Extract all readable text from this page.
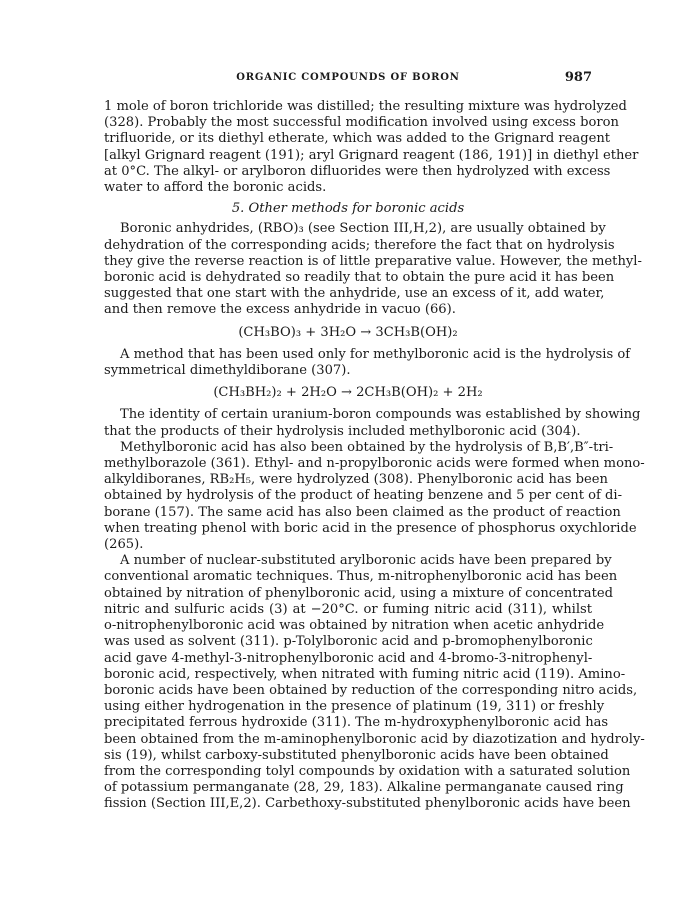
ORGANIC COMPOUNDS OF BORON	987

1 mole of boron trichloride was distilled; the resulting mixture was hydrolyzed
(328). Probably the most successful modification involved using excess boron
trifluoride, or its diethyl etherate, which was added to the Grignard reagent
[alkyl Grignard reagent (191); aryl Grignard reagent (186, 191)] in diethyl ether
at 0°C. The alkyl- or arylboron difluorides were then hydrolyzed with excess
water to afford the boronic acids.

5. Other methods for boronic acids

Boronic anhydrides, (RBO)₃ (see Section III,H,2), are usually obtained by
dehydration of the corresponding acids; therefore the fact that on hydrolysis
they give the reverse reaction is of little preparative value. However, the methyl-
boronic acid is dehydrated so readily that to obtain the pure acid it has been
suggested that one start with the anhydride, use an excess of it, add water,
and then remove the excess anhydride in vacuo (66).

(CH₃BO)₃ + 3H₂O → 3CH₃B(OH)₂

A method that has been used only for methylboronic acid is the hydrolysis of
symmetrical dimethyldiborane (307).

(CH₃BH₂)₂ + 2H₂O → 2CH₃B(OH)₂ + 2H₂

The identity of certain uranium-boron compounds was established by showing
that the products of their hydrolysis included methylboronic acid (304).

Methylboronic acid has also been obtained by the hydrolysis of B,B′,B″-tri-
methylborazole (361). Ethyl- and n-propylboronic acids were formed when mono-
alkyldiboranes, RB₂H₅, were hydrolyzed (308). Phenylboronic acid has been
obtained by hydrolysis of the product of heating benzene and 5 per cent of di-
borane (157). The same acid has also been claimed as the product of reaction
when treating phenol with boric acid in the presence of phosphorus oxychloride
(265).

A number of nuclear-substituted arylboronic acids have been prepared by
conventional aromatic techniques. Thus, m-nitrophenylboronic acid has been
obtained by nitration of phenylboronic acid, using a mixture of concentrated
nitric and sulfuric acids (3) at −20°C. or fuming nitric acid (311), whilst
o-nitrophenylboronic acid was obtained by nitration when acetic anhydride
was used as solvent (311). p-Tolylboronic acid and p-bromophenylboronic
acid gave 4-methyl-3-nitrophenylboronic acid and 4-bromo-3-nitrophenyl-
boronic acid, respectively, when nitrated with fuming nitric acid (119). Amino-
boronic acids have been obtained by reduction of the corresponding nitro acids,
using either hydrogenation in the presence of platinum (19, 311) or freshly
precipitated ferrous hydroxide (311). The m-hydroxyphenylboronic acid has
been obtained from the m-aminophenylboronic acid by diazotization and hydroly-
sis (19), whilst carboxy-substituted phenylboronic acids have been obtained
from the corresponding tolyl compounds by oxidation with a saturated solution
of potassium permanganate (28, 29, 183). Alkaline permanganate caused ring
fission (Section III,E,2). Carbethoxy-substituted phenylboronic acids have been
